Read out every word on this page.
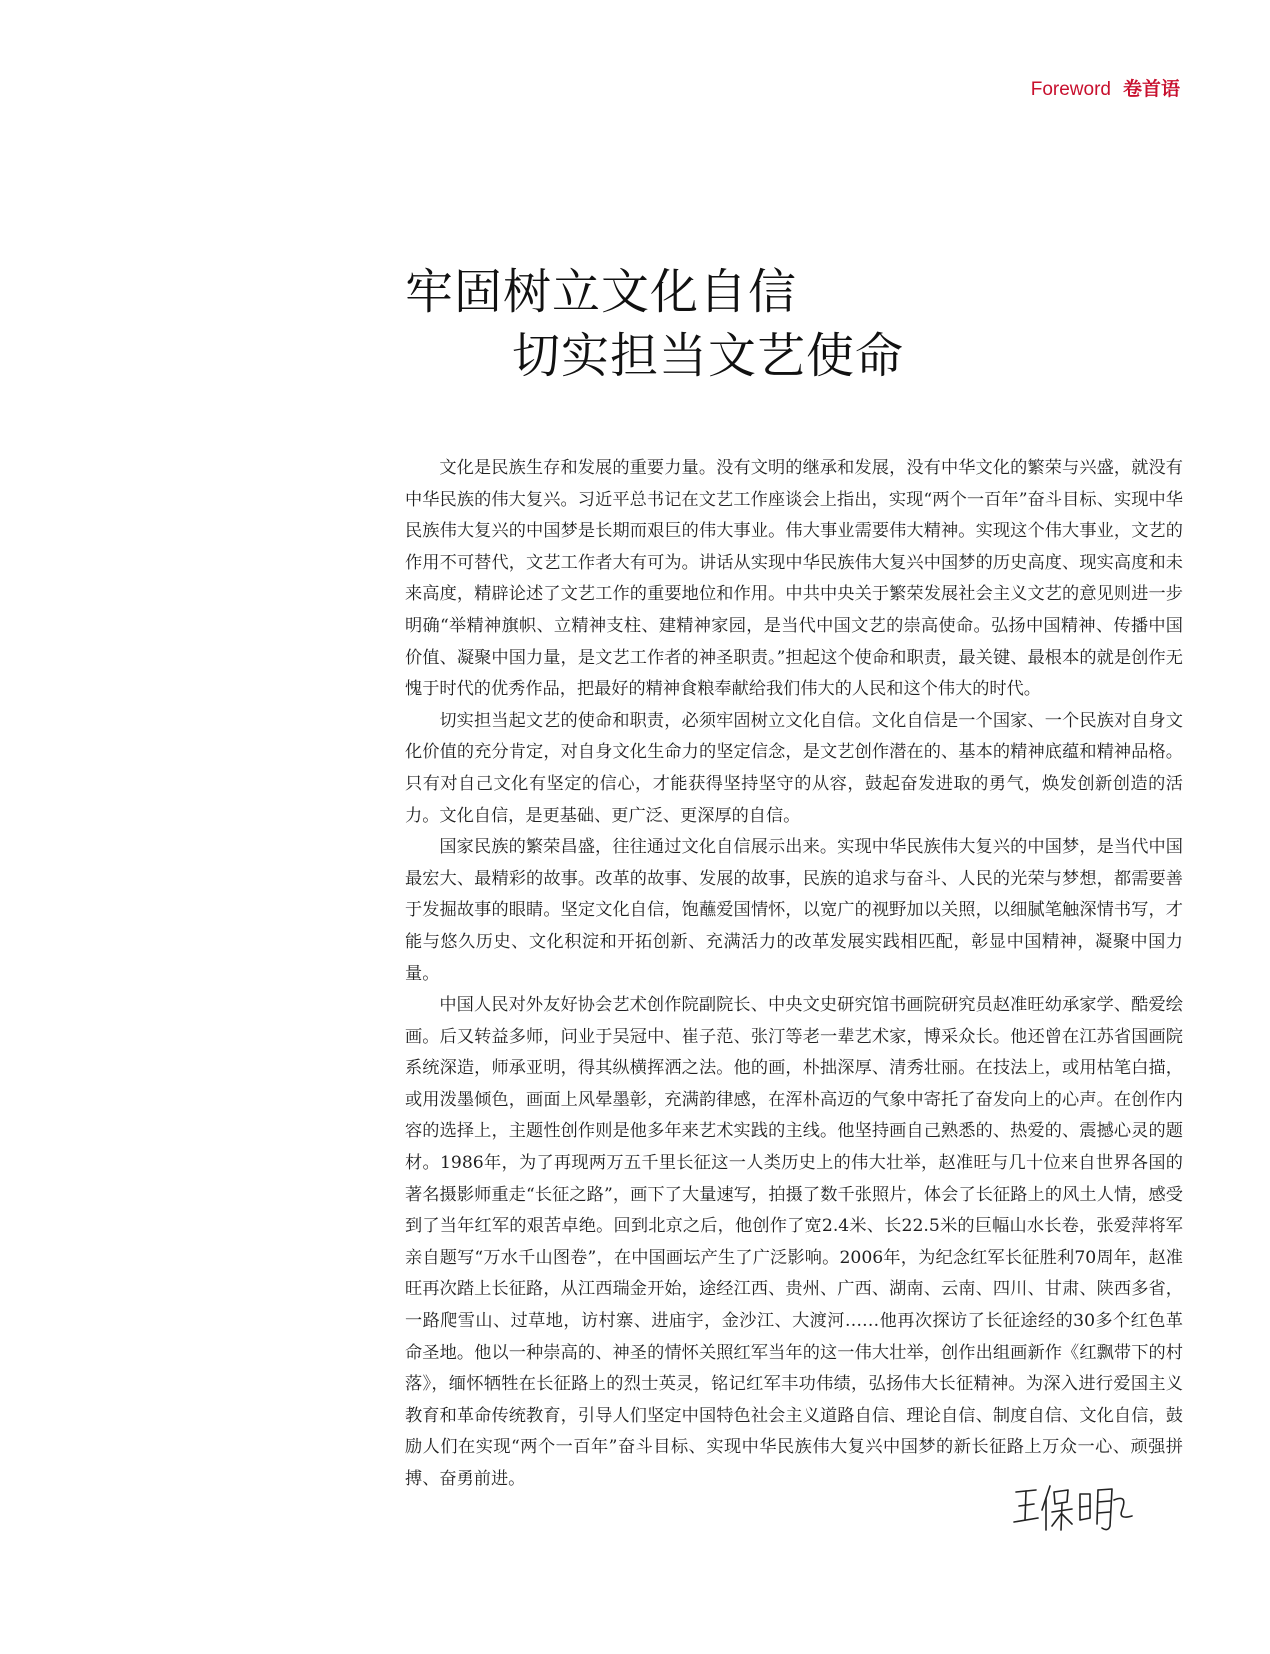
Foreword 卷首语
牢固树立文化自信
切实担当文艺使命

文化是民族生存和发展的重要力量。没有文明的继承和发展，没有中华文化的繁荣与兴盛，就没有中华民族的伟大复兴。习近平总书记在文艺工作座谈会上指出，实现“两个一百年”奋斗目标、实现中华民族伟大复兴的中国梦是长期而艰巨的伟大事业。伟大事业需要伟大精神。实现这个伟大事业，文艺的作用不可替代，文艺工作者大有可为。讲话从实现中华民族伟大复兴中国梦的历史高度、现实高度和未来高度，精辟论述了文艺工作的重要地位和作用。中共中央关于繁荣发展社会主义文艺的意见则进一步明确“举精神旗帜、立精神支柱、建精神家园，是当代中国文艺的崇高使命。弘扬中国精神、传播中国价值、凝聚中国力量，是文艺工作者的神圣职责。”担起这个使命和职责，最关键、最根本的就是创作无愧于时代的优秀作品，把最好的精神食粮奉献给我们伟大的人民和这个伟大的时代。

切实担当起文艺的使命和职责，必须牢固树立文化自信。文化自信是一个国家、一个民族对自身文化价值的充分肯定，对自身文化生命力的坚定信念，是文艺创作潜在的、基本的精神底蕴和精神品格。只有对自己文化有坚定的信心，才能获得坚持坚守的从容，鼓起奋发进取的勇气，焕发创新创造的活力。文化自信，是更基础、更广泛、更深厚的自信。

国家民族的繁荣昌盛，往往通过文化自信展示出来。实现中华民族伟大复兴的中国梦，是当代中国最宏大、最精彩的故事。改革的故事、发展的故事，民族的追求与奋斗、人民的光荣与梦想，都需要善于发掘故事的眼睛。坚定文化自信，饱蘸爱国情怀，以宽广的视野加以关照，以细腻笔触深情书写，才能与悠久历史、文化积淀和开拓创新、充满活力的改革发展实践相匹配，彰显中国精神，凝聚中国力量。

中国人民对外友好协会艺术创作院副院长、中央文史研究馆书画院研究员赵准旺幼承家学、酷爱绘画。后又转益多师，问业于吴冠中、崔子范、张汀等老一辈艺术家，博采众长。他还曾在江苏省国画院系统深造，师承亚明，得其纵横挥洒之法。他的画，朴拙深厚、清秀壮丽。在技法上，或用枯笔白描，或用泼墨倾色，画面上风晕墨彰，充满韵律感，在浑朴高迈的气象中寄托了奋发向上的心声。在创作内容的选择上，主题性创作则是他多年来艺术实践的主线。他坚持画自己熟悉的、热爱的、震撼心灵的题材。1986年，为了再现两万五千里长征这一人类历史上的伟大壮举，赵准旺与几十位来自世界各国的著名摄影师重走“长征之路”，画下了大量速写，拍摄了数千张照片，体会了长征路上的风土人情，感受到了当年红军的艰苦卓绝。回到北京之后，他创作了宽2.4米、长22.5米的巨幅山水长卷，张爱萍将军亲自题写“万水千山图卷”，在中国画坛产生了广泛影响。2006年，为纪念红军长征胜利70周年，赵准旺再次踏上长征路，从江西瑞金开始，途经江西、贵州、广西、湖南、云南、四川、甘肃、陕西多省，一路爬雪山、过草地，访村寨、进庙宇，金沙江、大渡河……他再次探访了长征途经的30多个红色革命圣地。他以一种崇高的、神圣的情怀关照红军当年的这一伟大壮举，创作出组画新作《红飘带下的村落》，缅怀牺牲在长征路上的烈士英灵，铭记红军丰功伟绩，弘扬伟大长征精神。为深入进行爱国主义教育和革命传统教育，引导人们坚定中国特色社会主义道路自信、理论自信、制度自信、文化自信，鼓励人们在实现“两个一百年”奋斗目标、实现中华民族伟大复兴中国梦的新长征路上万众一心、顽强拼搏、奋勇前进。
